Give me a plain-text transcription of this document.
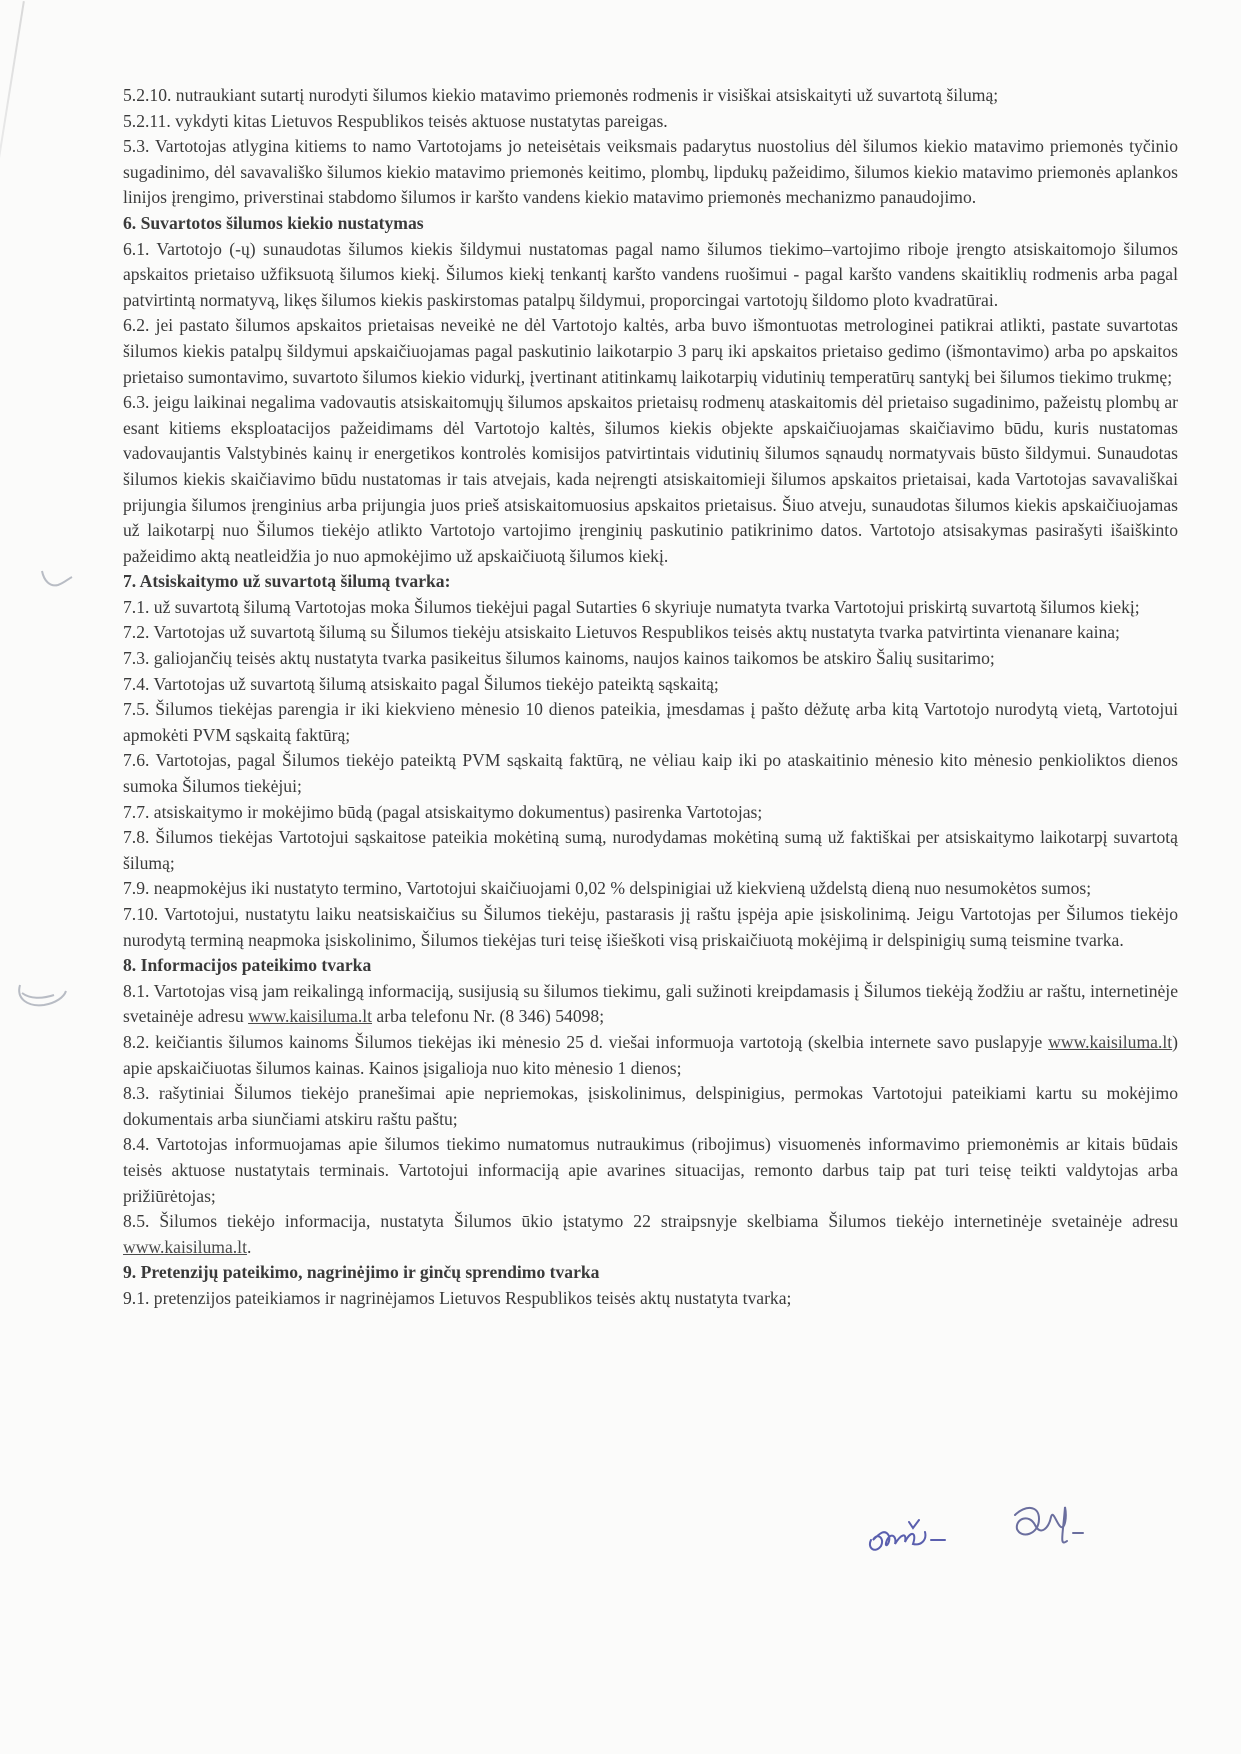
5.2.10. nutraukiant sutartį nurodyti šilumos kiekio matavimo priemonės rodmenis ir visiškai atsiskaityti už suvartotą šilumą;

5.2.11. vykdyti kitas Lietuvos Respublikos teisės aktuose nustatytas pareigas.

5.3. Vartotojas atlygina kitiems to namo Vartotojams jo neteisėtais veiksmais padarytus nuostolius dėl šilumos kiekio matavimo priemonės tyčinio sugadinimo, dėl savavališko šilumos kiekio matavimo priemonės keitimo, plombų, lipdukų pažeidimo, šilumos kiekio matavimo priemonės aplankos linijos įrengimo, priverstinai stabdomo šilumos ir karšto vandens kiekio matavimo priemonės mechanizmo panaudojimo.

6. Suvartotos šilumos kiekio nustatymas

6.1. Vartotojo (-ų) sunaudotas šilumos kiekis šildymui nustatomas pagal namo šilumos tiekimo–vartojimo riboje įrengto atsiskaitomojo šilumos apskaitos prietaiso užfiksuotą šilumos kiekį. Šilumos kiekį tenkantį karšto vandens ruošimui - pagal karšto vandens skaitiklių rodmenis arba pagal patvirtintą normatyvą, likęs šilumos kiekis paskirstomas patalpų šildymui, proporcingai vartotojų šildomo ploto kvadratūrai.

6.2. jei pastato šilumos apskaitos prietaisas neveikė ne dėl Vartotojo kaltės, arba buvo išmontuotas metrologinei patikrai atlikti, pastate suvartotas šilumos kiekis patalpų šildymui apskaičiuojamas pagal paskutinio laikotarpio 3 parų iki apskaitos prietaiso gedimo (išmontavimo) arba po apskaitos prietaiso sumontavimo, suvartoto šilumos kiekio vidurkį, įvertinant atitinkamų laikotarpių vidutinių temperatūrų santykį bei šilumos tiekimo trukmę;

6.3. jeigu laikinai negalima vadovautis atsiskaitomųjų šilumos apskaitos prietaisų rodmenų ataskaitomis dėl prietaiso sugadinimo, pažeistų plombų ar esant kitiems eksploatacijos pažeidimams dėl Vartotojo kaltės, šilumos kiekis objekte apskaičiuojamas skaičiavimo būdu, kuris nustatomas vadovaujantis Valstybinės kainų ir energetikos kontrolės komisijos patvirtintais vidutinių šilumos sąnaudų normatyvais būsto šildymui. Sunaudotas šilumos kiekis skaičiavimo būdu nustatomas ir tais atvejais, kada neįrengti atsiskaitomieji šilumos apskaitos prietaisai, kada Vartotojas savavališkai prijungia šilumos įrenginius arba prijungia juos prieš atsiskaitomuosius apskaitos prietaisus. Šiuo atveju, sunaudotas šilumos kiekis apskaičiuojamas už laikotarpį nuo Šilumos tiekėjo atlikto Vartotojo vartojimo įrenginių paskutinio patikrinimo datos. Vartotojo atsisakymas pasirašyti išaiškinto pažeidimo aktą neatleidžia jo nuo apmokėjimo už apskaičiuotą šilumos kiekį.

7. Atsiskaitymo už suvartotą šilumą tvarka:

7.1. už suvartotą šilumą Vartotojas moka Šilumos tiekėjui pagal Sutarties 6 skyriuje numatyta tvarka Vartotojui priskirtą suvartotą šilumos kiekį;

7.2. Vartotojas už suvartotą šilumą su Šilumos tiekėju atsiskaito Lietuvos Respublikos teisės aktų nustatyta tvarka patvirtinta vienanare kaina;

7.3. galiojančių teisės aktų nustatyta tvarka pasikeitus šilumos kainoms, naujos kainos taikomos be atskiro Šalių susitarimo;

7.4. Vartotojas už suvartotą šilumą atsiskaito pagal Šilumos tiekėjo pateiktą sąskaitą;

7.5. Šilumos tiekėjas parengia ir iki kiekvieno mėnesio 10 dienos pateikia, įmesdamas į pašto dėžutę arba kitą Vartotojo nurodytą vietą, Vartotojui apmokėti PVM sąskaitą faktūrą;

7.6. Vartotojas, pagal Šilumos tiekėjo pateiktą PVM sąskaitą faktūrą, ne vėliau kaip iki po ataskaitinio mėnesio kito mėnesio penkioliktos dienos sumoka Šilumos tiekėjui;

7.7. atsiskaitymo ir mokėjimo būdą (pagal atsiskaitymo dokumentus) pasirenka Vartotojas;

7.8. Šilumos tiekėjas Vartotojui sąskaitose pateikia mokėtiną sumą, nurodydamas mokėtiną sumą už faktiškai per atsiskaitymo laikotarpį suvartotą šilumą;

7.9. neapmokėjus iki nustatyto termino, Vartotojui skaičiuojami 0,02 % delspinigiai už kiekvieną uždelstą dieną nuo nesumokėtos sumos;

7.10. Vartotojui, nustatytu laiku neatsiskaičius su Šilumos tiekėju, pastarasis jį raštu įspėja apie įsiskolinimą. Jeigu Vartotojas per Šilumos tiekėjo nurodytą terminą neapmoka įsiskolinimo, Šilumos tiekėjas turi teisę išieškoti visą priskaičiuotą mokėjimą ir delspinigių sumą teismine tvarka.

8. Informacijos pateikimo tvarka

8.1. Vartotojas visą jam reikalingą informaciją, susijusią su šilumos tiekimu, gali sužinoti kreipdamasis į Šilumos tiekėją žodžiu ar raštu, internetinėje svetainėje adresu www.kaisiluma.lt arba telefonu Nr. (8 346) 54098;

8.2. keičiantis šilumos kainoms Šilumos tiekėjas iki mėnesio 25 d. viešai informuoja vartotoją (skelbia internete savo puslapyje www.kaisiluma.lt) apie apskaičiuotas šilumos kainas. Kainos įsigalioja nuo kito mėnesio 1 dienos;

8.3. rašytiniai Šilumos tiekėjo pranešimai apie nepriemokas, įsiskolinimus, delspinigius, permokas Vartotojui pateikiami kartu su mokėjimo dokumentais arba siunčiami atskiru raštu paštu;

8.4. Vartotojas informuojamas apie šilumos tiekimo numatomus nutraukimus (ribojimus) visuomenės informavimo priemonėmis ar kitais būdais teisės aktuose nustatytais terminais. Vartotojui informaciją apie avarines situacijas, remonto darbus taip pat turi teisę teikti valdytojas arba prižiūrėtojas;

8.5. Šilumos tiekėjo informacija, nustatyta Šilumos ūkio įstatymo 22 straipsnyje skelbiama Šilumos tiekėjo internetinėje svetainėje adresu www.kaisiluma.lt.

9. Pretenzijų pateikimo, nagrinėjimo ir ginčų sprendimo tvarka

9.1. pretenzijos pateikiamos ir nagrinėjamos Lietuvos Respublikos teisės aktų nustatyta tvarka;
